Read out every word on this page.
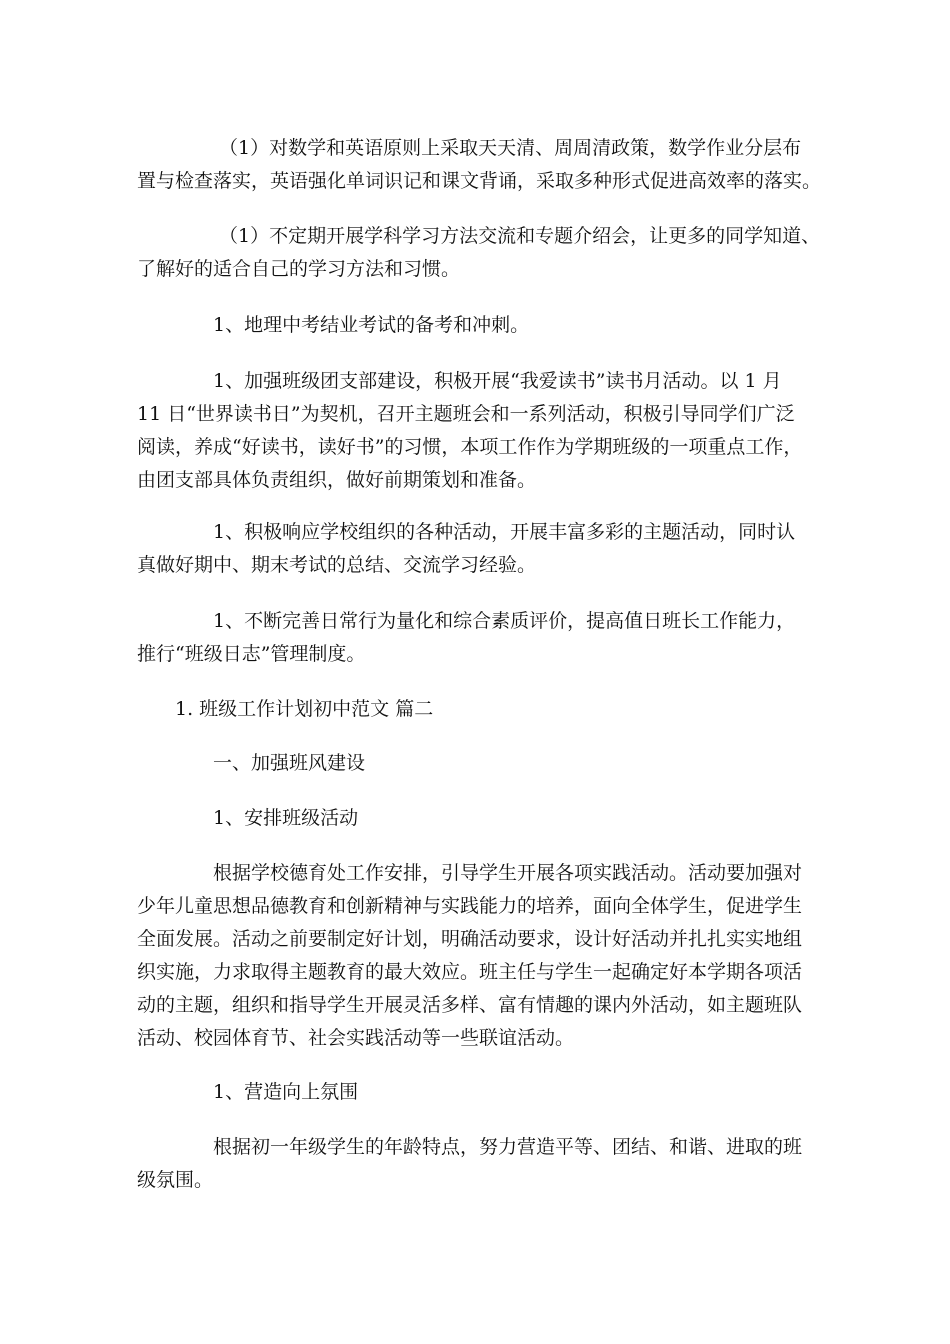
（1）对数学和英语原则上采取天天清、周周清政策，数学作业分层布
置与检查落实，英语强化单词识记和课文背诵，采取多种形式促进高效率的落实。
（1）不定期开展学科学习方法交流和专题介绍会，让更多的同学知道、
了解好的适合自己的学习方法和习惯。
1、地理中考结业考试的备考和冲刺。
1、加强班级团支部建设，积极开展“我爱读书”读书月活动。以 1 月
11 日“世界读书日”为契机，召开主题班会和一系列活动，积极引导同学们广泛
阅读，养成“好读书，读好书”的习惯，本项工作作为学期班级的一项重点工作，
由团支部具体负责组织，做好前期策划和准备。
1、积极响应学校组织的各种活动，开展丰富多彩的主题活动，同时认
真做好期中、期末考试的总结、交流学习经验。
1、不断完善日常行为量化和综合素质评价，提高值日班长工作能力，
推行“班级日志”管理制度。
1. 班级工作计划初中范文 篇二
一、加强班风建设
1、安排班级活动
根据学校德育处工作安排，引导学生开展各项实践活动。活动要加强对
少年儿童思想品德教育和创新精神与实践能力的培养，面向全体学生，促进学生
全面发展。活动之前要制定好计划，明确活动要求，设计好活动并扎扎实实地组
织实施，力求取得主题教育的最大效应。班主任与学生一起确定好本学期各项活
动的主题，组织和指导学生开展灵活多样、富有情趣的课内外活动，如主题班队
活动、校园体育节、社会实践活动等一些联谊活动。
1、营造向上氛围
根据初一年级学生的年龄特点，努力营造平等、团结、和谐、进取的班
级氛围。
